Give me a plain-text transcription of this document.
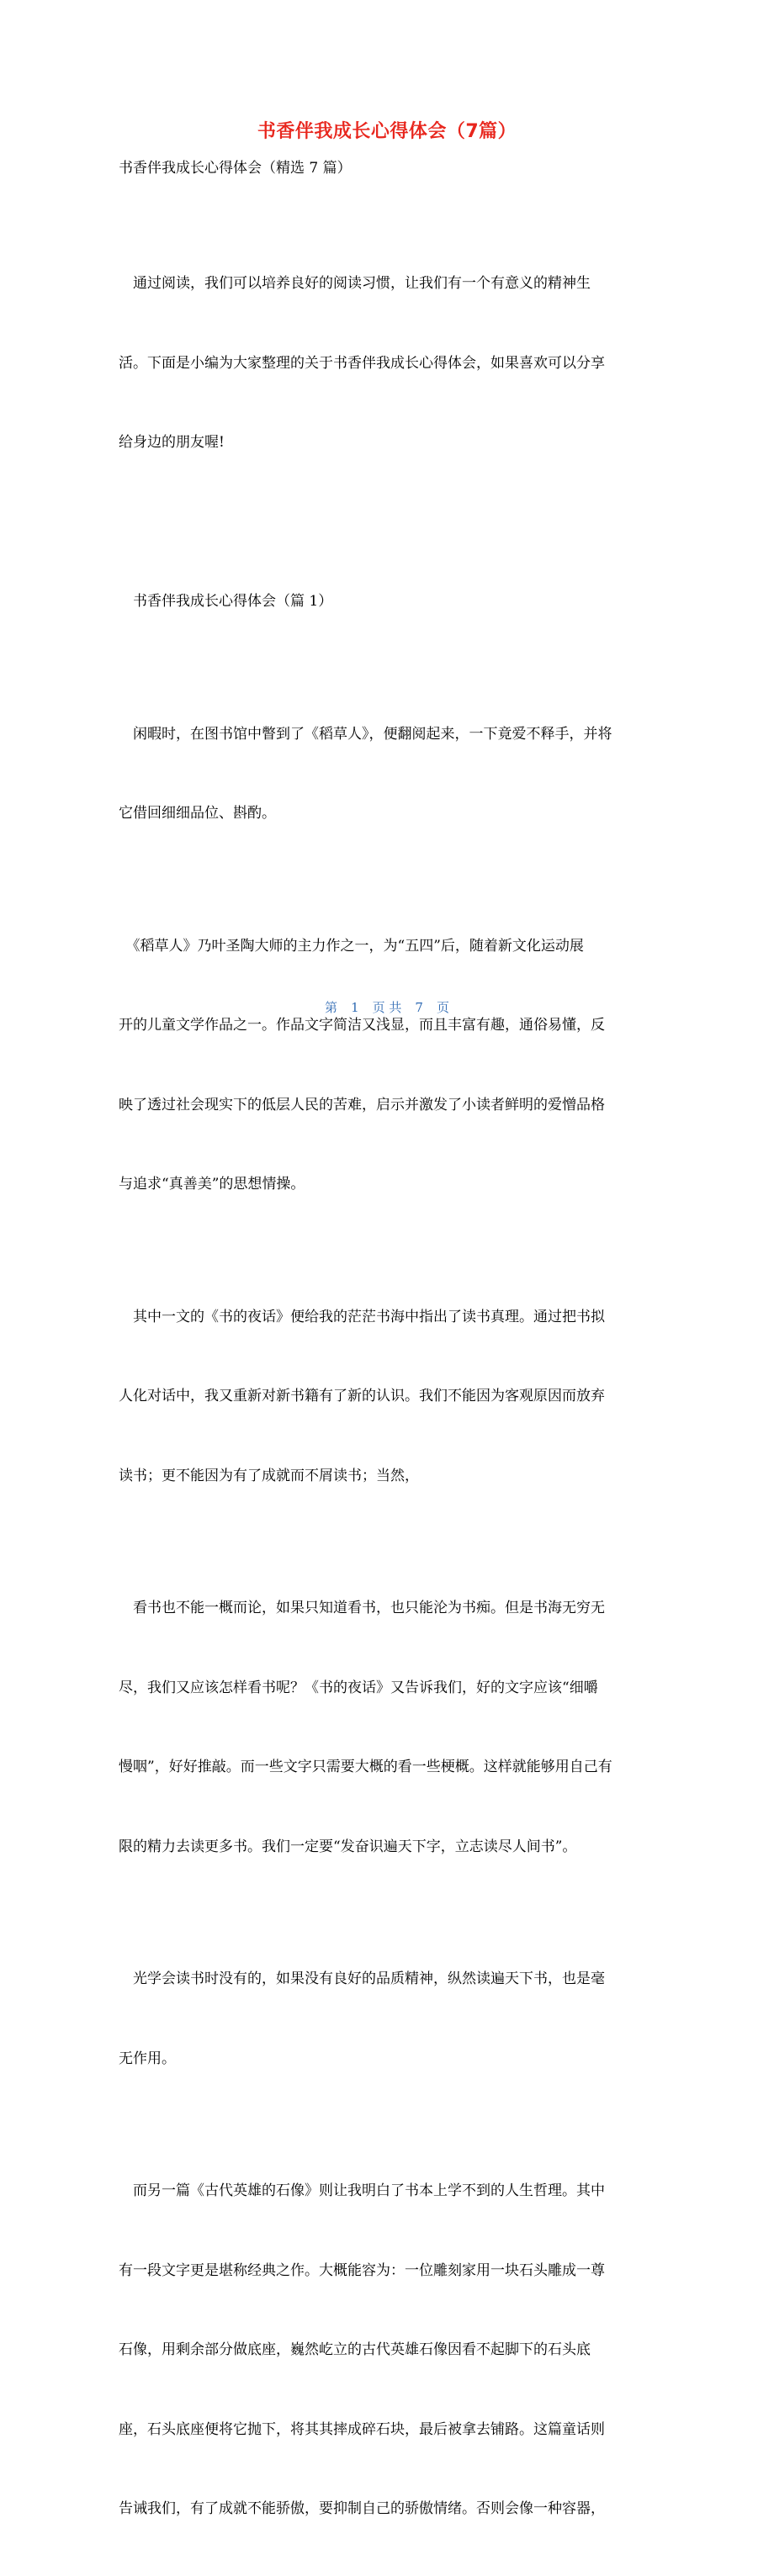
书香伴我成长心得体会（7篇）
书香伴我成长心得体会（精选 7 篇）

　通过阅读，我们可以培养良好的阅读习惯，让我们有一个有意义的精神生

活。下面是小编为大家整理的关于书香伴我成长心得体会，如果喜欢可以分享

给身边的朋友喔!

　书香伴我成长心得体会（篇 1）

　闲暇时，在图书馆中瞥到了《稻草人》，便翻阅起来，一下竟爱不释手，并将

它借回细细品位、斟酌。

　《稻草人》乃叶圣陶大师的主力作之一，为“五四”后，随着新文化运动展

开的儿童文学作品之一。作品文字简洁又浅显，而且丰富有趣，通俗易懂，反

映了透过社会现实下的低层人民的苦难，启示并激发了小读者鲜明的爱憎品格

与追求“真善美”的思想情操。

　其中一文的《书的夜话》便给我的茫茫书海中指出了读书真理。通过把书拟

人化对话中，我又重新对新书籍有了新的认识。我们不能因为客观原因而放弃

读书；更不能因为有了成就而不屑读书；当然，

　看书也不能一概而论，如果只知道看书，也只能沦为书痴。但是书海无穷无

尽，我们又应该怎样看书呢？《书的夜话》又告诉我们，好的文字应该“细嚼

慢咽”，好好推敲。而一些文字只需要大概的看一些梗概。这样就能够用自己有

限的精力去读更多书。我们一定要“发奋识遍天下字，立志读尽人间书”。

　光学会读书时没有的，如果没有良好的品质精神，纵然读遍天下书，也是毫

无作用。

　而另一篇《古代英雄的石像》则让我明白了书本上学不到的人生哲理。其中

有一段文字更是堪称经典之作。大概能容为：一位雕刻家用一块石头雕成一尊

石像，用剩余部分做底座，巍然屹立的古代英雄石像因看不起脚下的石头底

座，石头底座便将它抛下，将其其摔成碎石块，最后被拿去铺路。这篇童话则

告诫我们，有了成就不能骄傲，要抑制自己的骄傲情绪。否则会像一种容器，

第 1 页 共 7 页
